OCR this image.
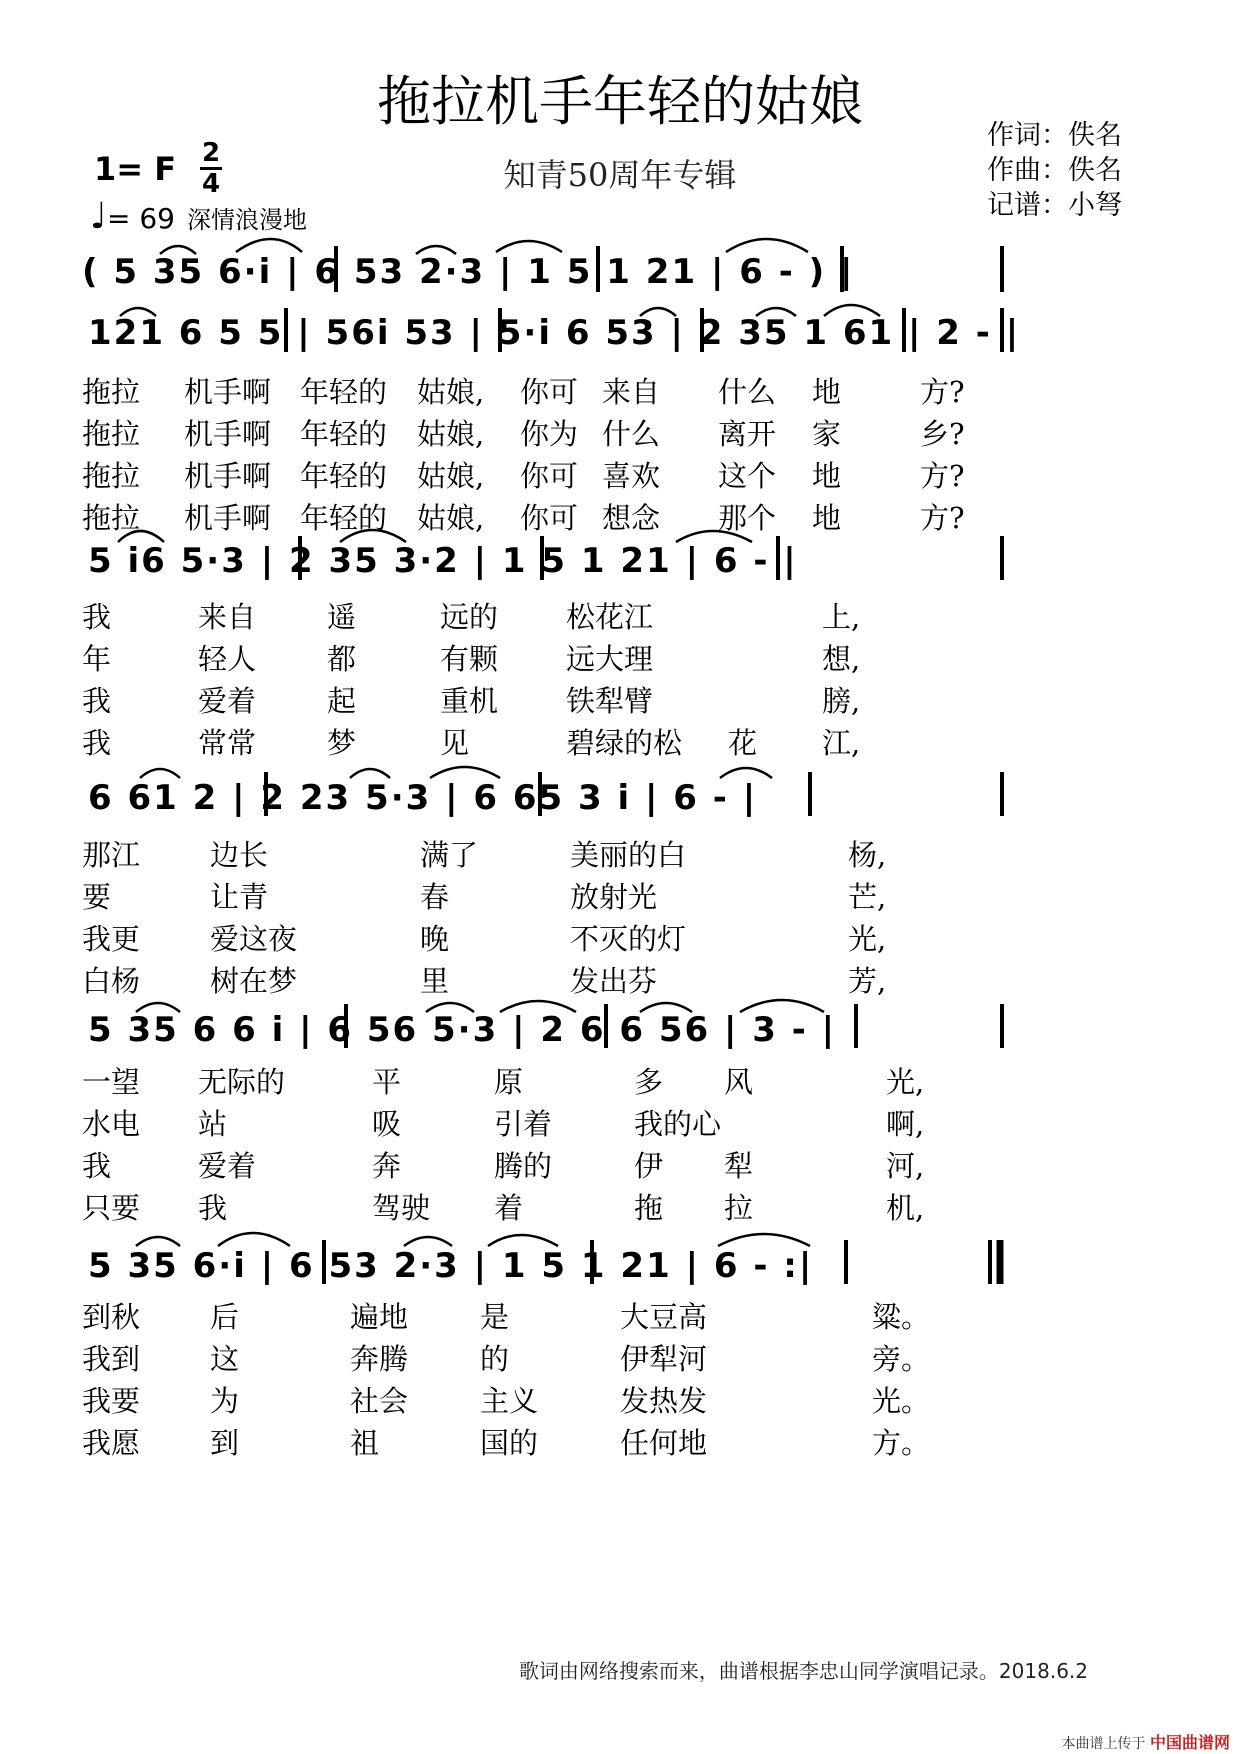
拖拉机手年轻的姑娘
知青50周年专辑
作词：佚名
作曲：佚名
记谱：小弩
1= F 2
4
♩= 69 深情浪漫地
( 5 35 6·i | 6 53 2·3 | 1 5 1 21 | 6 - ) |
121 6 5 5 | 56i 53 | 5·i 6 53 | 2 35 1 61 | 2 - |
5 i6 5·3 | 2 35 3·2 | 1 5 1 21 | 6 - |
6 61 2 | 2 23 5·3 | 6 65 3 i | 6 - |
5 35 6 6 i | 6 56 5·3 | 2 6 6 56 | 3 - |
5 35 6·i | 6 53 2·3 | 1 5 1 21 | 6 - :|
拖拉 机手啊 年轻的 姑娘, 你可 来自 什么 地	方?
拖拉 机手啊 年轻的 姑娘, 你为 什么 离开 家	乡?
拖拉 机手啊 年轻的 姑娘, 你可 喜欢 这个 地	方?
拖拉 机手啊 年轻的 姑娘, 你可 想念 那个 地	方?
我	来自 遥	远的 松花江	上,
年	轻人 都	有颗 远大理	想,
我	爱着 起	重机 铁犁臂	膀,
我	常常 梦	见	碧绿的松 花 江,
那江 边长	满了	美丽的白	杨,
要	让青	春	放射光	芒,
我更 爱这夜	晚	不灭的灯	光,
白杨 树在梦	里	发出芬	芳,
一望 无际的	平	原	多 风	光,
水电 站	吸	引着	我的心	啊,
我	爱着	奔	腾的	伊 犁	河,
只要 我	驾驶 着	拖 拉	机,
到秋 后	遍地 是	大豆高	粱。
我到 这	奔腾 的	伊犁河	旁。
我要 为	社会 主义	发热发	光。
我愿 到	祖	国的	任何地	方。
歌词由网络搜索而来，曲谱根据李忠山同学演唱记录。2018.6.2
本曲谱上传于 中国曲谱网
